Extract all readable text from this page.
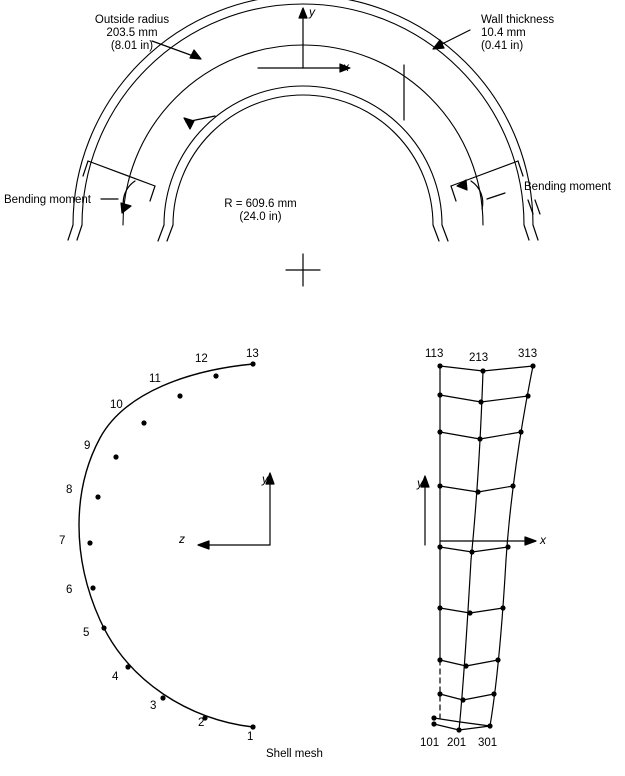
Outside radius
203.5 mm
(8.01 in)
Wall thickness
10.4 mm
(0.41 in)
R = 609.6 mm
(24.0 in)
Bending moment
Bending moment
x
y
1
2
3
4
5
6
7
8
9
10
11
12	13
y
z
Shell mesh
113 213	313
101 201 301
y
x
